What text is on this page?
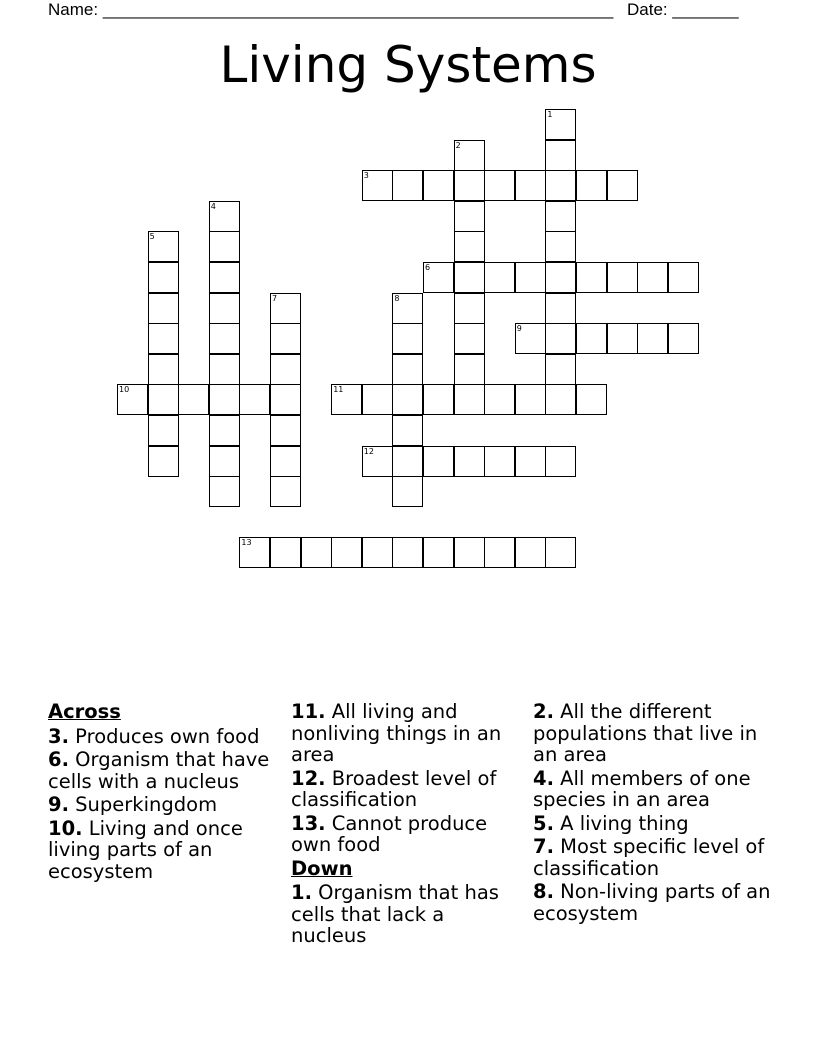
Name: ______________________________________________________ Date: _______
Living Systems
1
2
3
4
5
6
7	8
9
10	11
12
13
Across
3. Produces own food
6. Organism that have cells with a nucleus
9. Superkingdom
10. Living and once living parts of an ecosystem
11. All living and nonliving things in an area
12. Broadest level of classification
13. Cannot produce own food
Down
1. Organism that has cells that lack a nucleus
2. All the different populations that live in an area
4. All members of one species in an area
5. A living thing
7. Most specific level of classification
8. Non-living parts of an ecosystem
